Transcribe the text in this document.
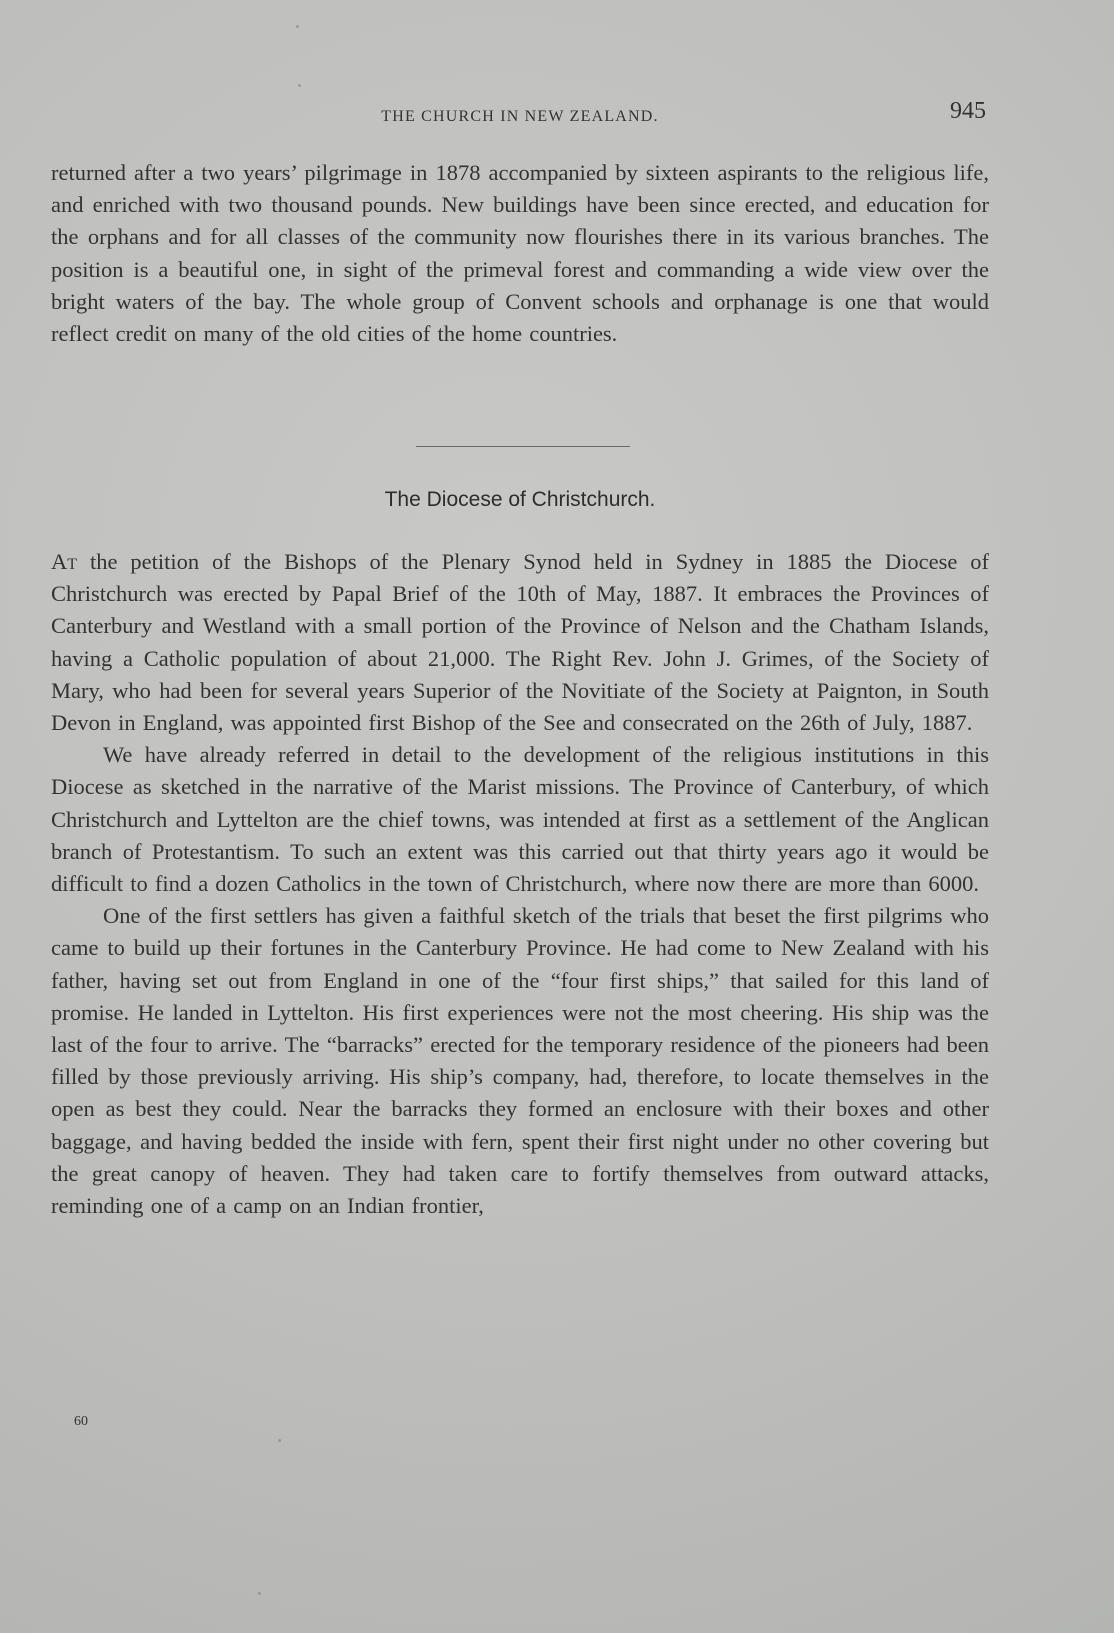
THE CHURCH IN NEW ZEALAND.	945
returned after a two years’ pilgrimage in 1878 accompanied by sixteen aspirants to the religious life, and enriched with two thousand pounds. New buildings have been since erected, and education for the orphans and for all classes of the community now flourishes there in its various branches. The position is a beautiful one, in sight of the primeval forest and commanding a wide view over the bright waters of the bay. The whole group of Convent schools and orphanage is one that would reflect credit on many of the old cities of the home countries.
The Diocese of Christchurch.

At the petition of the Bishops of the Plenary Synod held in Sydney in 1885 the Diocese of Christchurch was erected by Papal Brief of the 10th of May, 1887. It embraces the Provinces of Canterbury and Westland with a small portion of the Province of Nelson and the Chatham Islands, having a Catholic population of about 21,000. The Right Rev. John J. Grimes, of the Society of Mary, who had been for several years Superior of the Novitiate of the Society at Paignton, in South Devon in England, was appointed first Bishop of the See and consecrated on the 26th of July, 1887.

We have already referred in detail to the development of the religious institutions in this Diocese as sketched in the narrative of the Marist missions. The Province of Canterbury, of which Christchurch and Lyttelton are the chief towns, was intended at first as a settlement of the Anglican branch of Protestantism. To such an extent was this carried out that thirty years ago it would be difficult to find a dozen Catholics in the town of Christchurch, where now there are more than 6000.

One of the first settlers has given a faithful sketch of the trials that beset the first pilgrims who came to build up their fortunes in the Canterbury Province. He had come to New Zealand with his father, having set out from England in one of the “four first ships,” that sailed for this land of promise. He landed in Lyttelton. His first experiences were not the most cheering. His ship was the last of the four to arrive. The “barracks” erected for the temporary residence of the pioneers had been filled by those previously arriving. His ship’s company, had, therefore, to locate themselves in the open as best they could. Near the barracks they formed an enclosure with their boxes and other baggage, and having bedded the inside with fern, spent their first night under no other covering but the great canopy of heaven. They had taken care to fortify themselves from outward attacks, reminding one of a camp on an Indian frontier,

60
